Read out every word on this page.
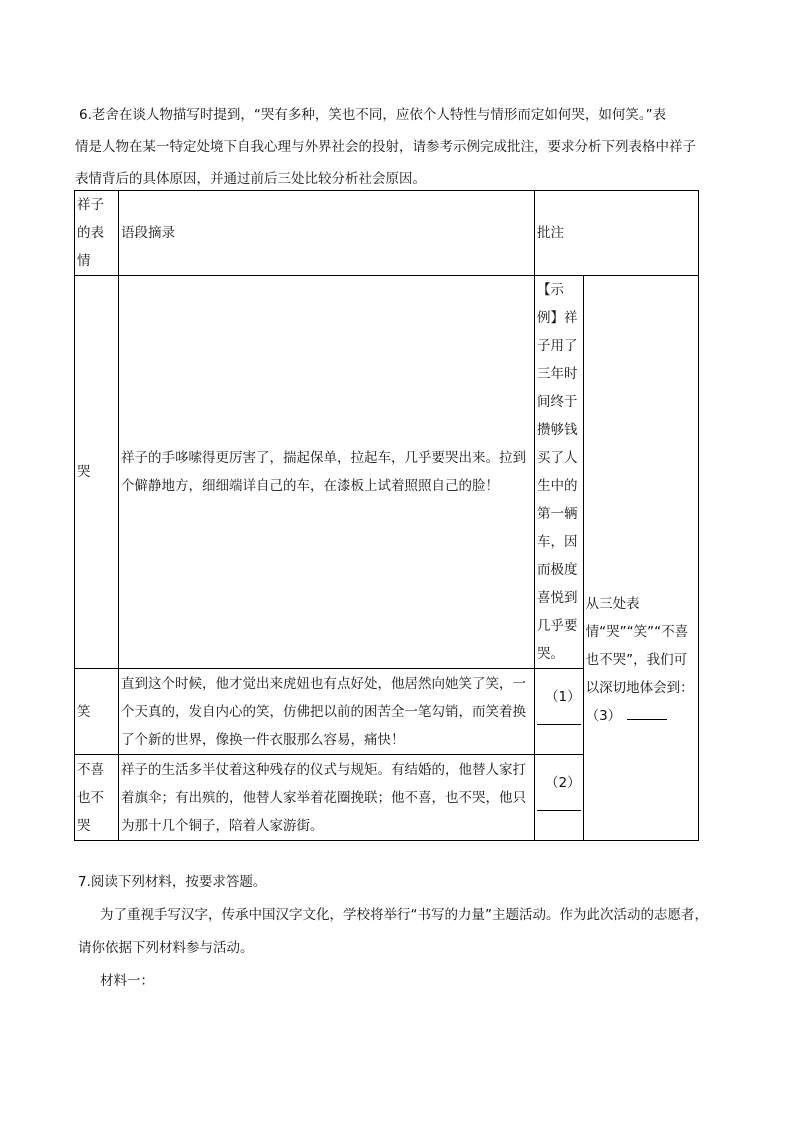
6.老舍在谈人物描写时提到，“哭有多种，笑也不同，应依个人特性与情形而定如何哭，如何笑。”表

情是人物在某一特定处境下自我心理与外界社会的投射，请参考示例完成批注，要求分析下列表格中祥子

表情背后的具体原因，并通过前后三处比较分析社会原因。

祥子的表情	语段摘录	批注	
哭	祥子的手哆嗦得更厉害了，揣起保单，拉起车，几乎要哭出来。拉到个僻静地方，细细端详自己的车，在漆板上试着照照自己的脸！	【示例】祥子用了三年时间终于攒够钱买了人生中的第一辆车，因而极度喜悦到几乎要哭。	从三处表情“哭”“笑”“不喜也不哭”，我们可以深切地体会到：（3）

笑	直到这个时候，他才觉出来虎妞也有点好处，他居然向她笑了笑，一个天真的，发自内心的笑，仿佛把以前的困苦全一笔勾销，而笑着换了个新的世界，像换一件衣服那么容易，痛快！	（1）	

不喜也不哭	祥子的生活多半仗着这种残存的仪式与规矩。有结婚的，他替人家打着旗伞；有出殡的，他替人家举着花圈挽联；他不喜，也不哭，他只为那十几个铜子，陪着人家游街。	（2）	

7.阅读下列材料，按要求答题。

为了重视手写汉字，传承中国汉字文化，学校将举行“书写的力量”主题活动。作为此次活动的志愿者，请你依据下列材料参与活动。

材料一：
